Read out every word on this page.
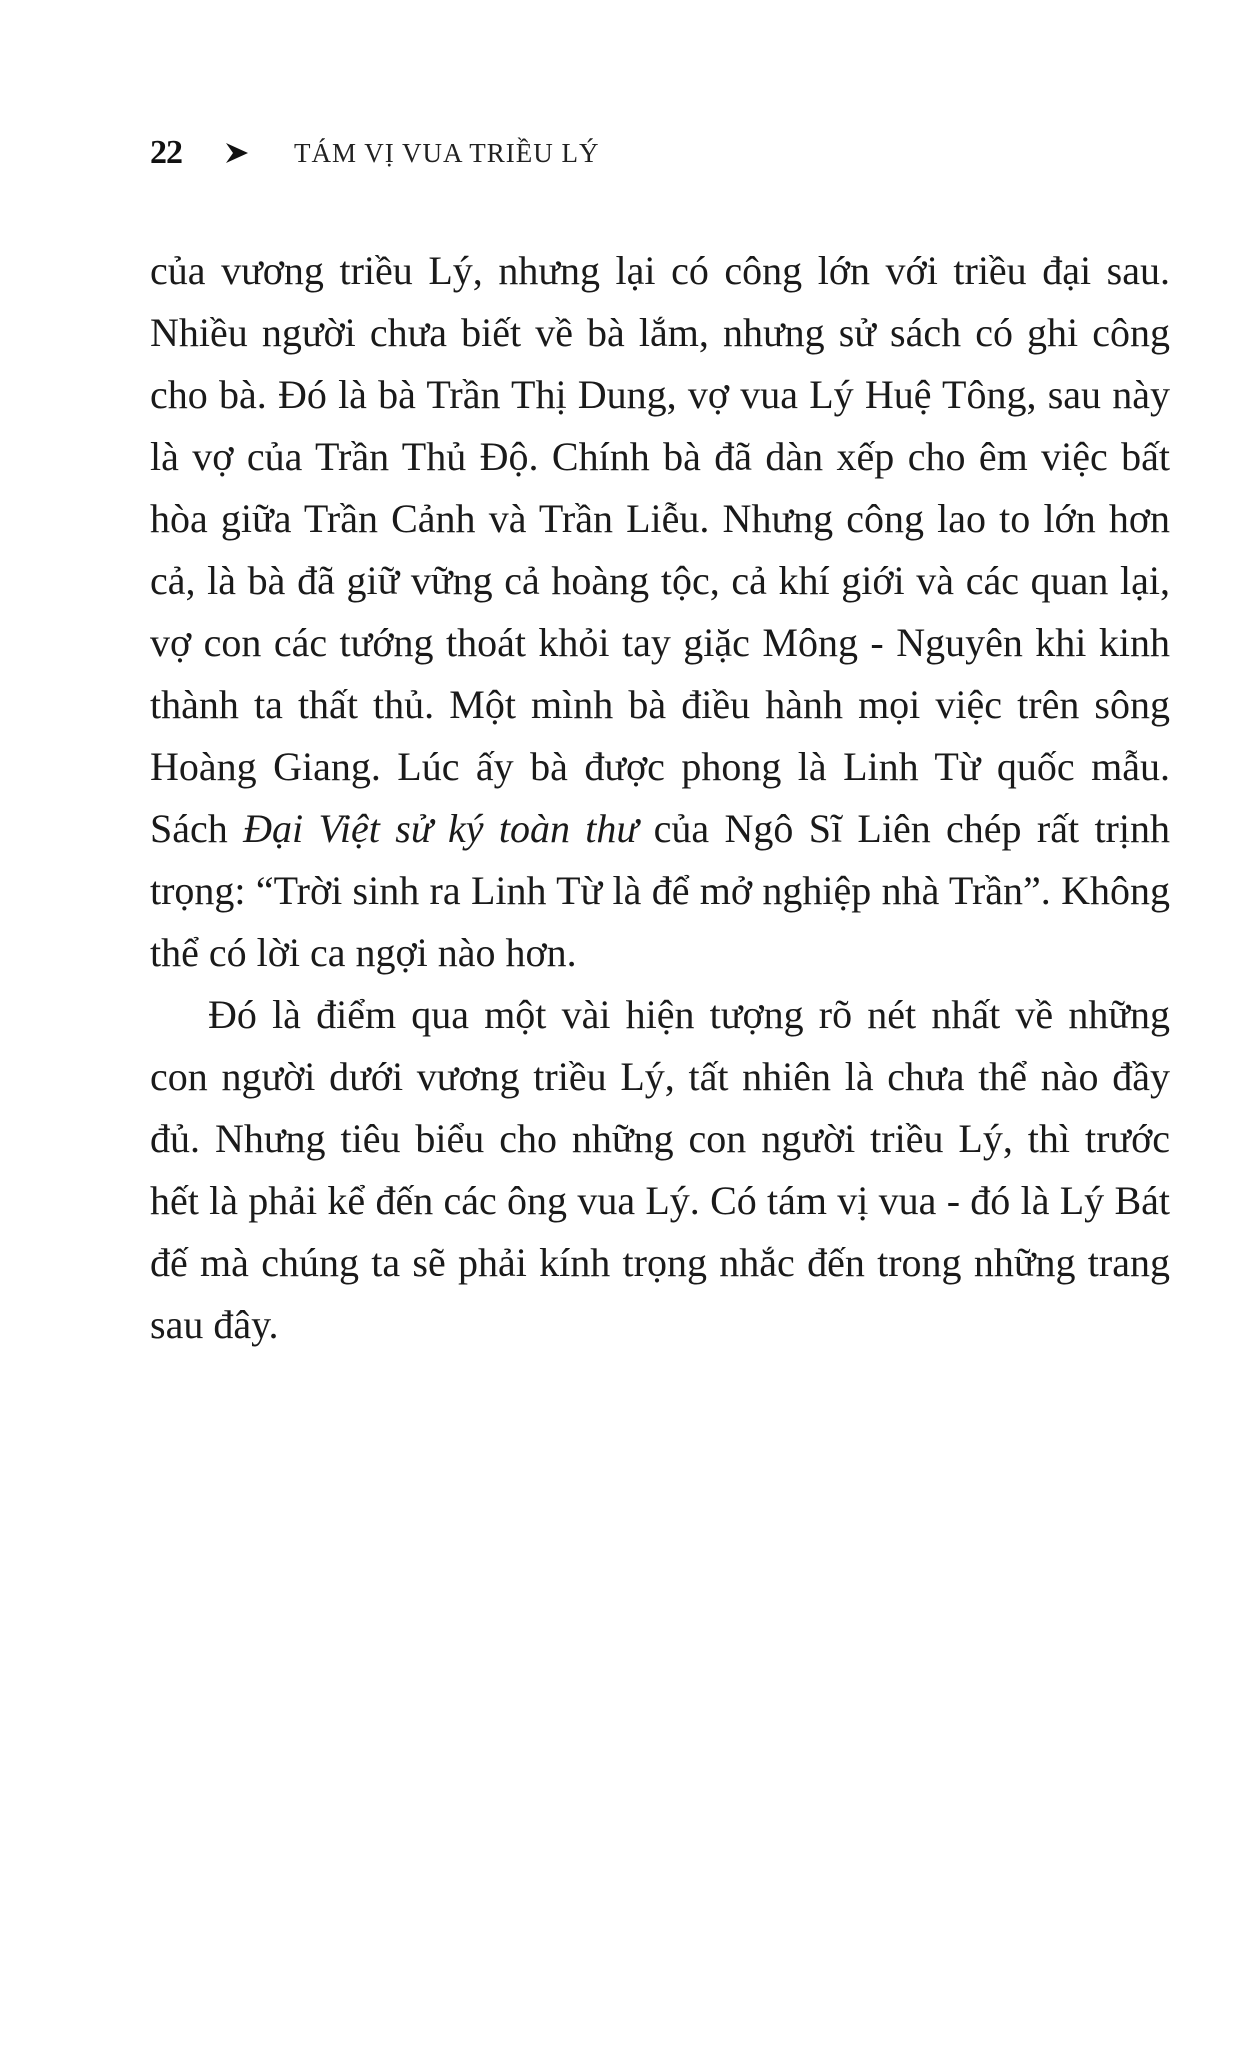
22	TÁM VỊ VUA TRIỀU LÝ

của vương triều Lý, nhưng lại có công lớn với triều đại sau. Nhiều người chưa biết về bà lắm, nhưng sử sách có ghi công cho bà. Đó là bà Trần Thị Dung, vợ vua Lý Huệ Tông, sau này là vợ của Trần Thủ Độ. Chính bà đã dàn xếp cho êm việc bất hòa giữa Trần Cảnh và Trần Liễu. Nhưng công lao to lớn hơn cả, là bà đã giữ vững cả hoàng tộc, cả khí giới và các quan lại, vợ con các tướng thoát khỏi tay giặc Mông - Nguyên khi kinh thành ta thất thủ. Một mình bà điều hành mọi việc trên sông Hoàng Giang. Lúc ấy bà được phong là Linh Từ quốc mẫu. Sách Đại Việt sử ký toàn thư của Ngô Sĩ Liên chép rất trịnh trọng: “Trời sinh ra Linh Từ là để mở nghiệp nhà Trần”. Không thể có lời ca ngợi nào hơn.

Đó là điểm qua một vài hiện tượng rõ nét nhất về những con người dưới vương triều Lý, tất nhiên là chưa thể nào đầy đủ. Nhưng tiêu biểu cho những con người triều Lý, thì trước hết là phải kể đến các ông vua Lý. Có tám vị vua - đó là Lý Bát đế mà chúng ta sẽ phải kính trọng nhắc đến trong những trang sau đây.
